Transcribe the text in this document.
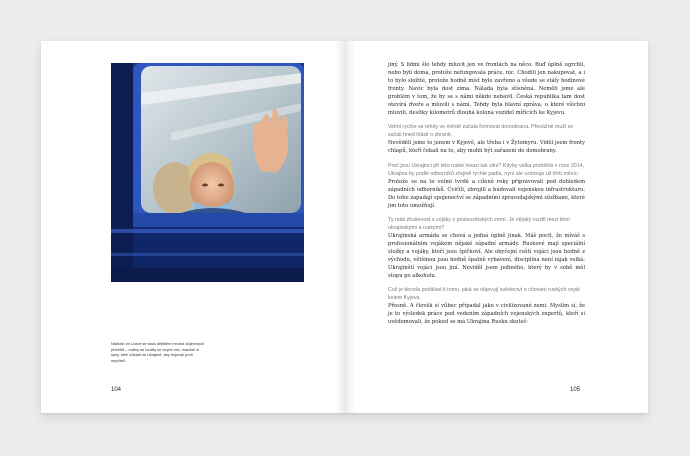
Nádraží ve Lvově se stalo dějištěm mnoha dojemných příběhů – rodiny se loučily se svými otci, manželi či syny, kteří zůstali na Ukrajině, aby bojovali proti nepříteli.

104

jiný. S lidmi šlo tehdy mluvit jen ve frontách na něco. Buď úplně ugrchli, nebo byli doma, protože nefungovala práce, nic. Chodili jen nakupovat, a i to bylo složité, protože hodně míst bylo zavřeno a všude se stály hodinové fronty. Navíc byla dost zima. Nálada byla stísněná. Neměli jsme ale problém v tom, že by se s námi někdo nebavil. Česká republika tam dost otevírá dveře a mluvili s námi. Tehdy byla hlavní zpráva, o které všichni mluvili, desítky kilometrů dlouhá kolona vozidel mířících ke Kyjevu.

Velmi rychle se tehdy ve městě začala formovat domobrana. Převážně muži se začali hned hlásit o zbraně.

Nevěděli jsme to jenom v Kyjevě, ale třeba i v Žytomyru. Viděl jsem fronty chlapů, kteří čekali na to, aby mohli být zařazeni do domobrany.

Proč jsou Ukrajinci při této ruské invazi tak silní? Kdyby válka proběhla v roce 2014, Ukrajina by podle odborníků zřejmě rychle padla, nyní ale vzdoruje už třetí měsíc.

Protože se na to velmi tvrdě a cíleně roky připravovali pod dohledem západních odborníků. Cvičili, zbrojili a budovali vojenskou infrastrukturu. Do toho zapadají spojenectví se západními zpravodajskými službami, které jim toto umožňují.

Ty máš zkušenost s vojáky z postsovětských zemí. Je nějaký rozdíl mezi těmi ukrajinskými a ruskými?

Ukrajinská armáda se chová a jedná úplně jinak. Máš pocit, že míváš s profesionálním vojákem nějaké západní armády. Ruskové mají speciální složky a vojáky, kteří jsou špičkoví. Ale obyčejní ruští vojáci jsou hodně z východu, většinou jsou hodně špatně vybavení, disciplína není nijak velká. Ukrajinští vojáci jsou jiní. Neviděl jsem jediného, který by v sobě měl stopu po alkoholu.

Což je docela protiklad k tomu, jaká se objevují svědectví o chování ruských vojsk kolem Kyjeva.

Přesně. A člověk si vůbec připadal jako v civilizované zemi. Myslím si, že je to výsledek práce pod vedením západních vojenských expertů, kteří si uvědomovali, že pokud se má Ukrajina Rusku skuteč-

105
